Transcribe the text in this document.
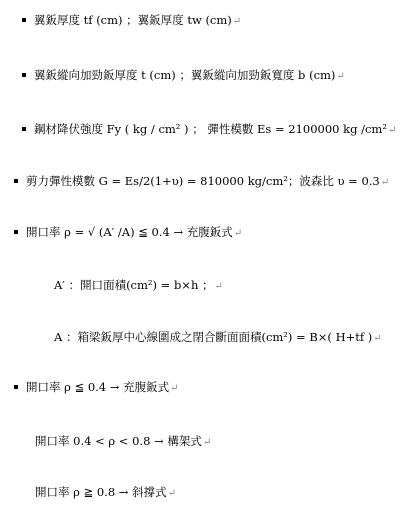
翼鈑厚度 tf (cm) ；翼鈑厚度 tw (cm)↵
翼鈑縱向加勁鈑厚度 t (cm) ；翼鈑縱向加勁鈑寬度 b (cm)↵
鋼材降伏強度 Fy ( kg / cm² ) ； 彈性模數 Es = 2100000 kg /cm²↵
剪力彈性模數 G = Es/2(1+υ) = 810000 kg/cm²；波森比 υ = 0.3↵
開口率 ρ = √ (A′ /A) ≦ 0.4 → 充腹鈑式↵
A′ ：開口面積(cm²) = b×h ；↵
A ：箱梁鈑厚中心線圍成之閉合斷面面積(cm²) = B×( H+tf )↵
開口率 ρ ≦ 0.4 → 充腹鈑式↵
開口率 0.4 < ρ < 0.8 → 構架式↵
開口率 ρ ≧ 0.8 → 斜撐式↵
